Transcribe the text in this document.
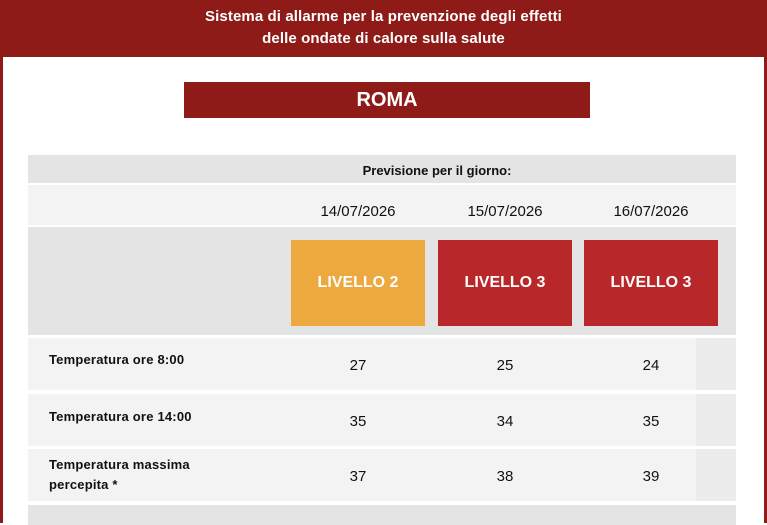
Sistema di allarme per la prevenzione degli effetti
delle ondate di calore sulla salute
ROMA
Previsione per il giorno:
14/07/2026	15/07/2026	16/07/2026
LIVELLO 2	LIVELLO 3	LIVELLO 3
Temperatura ore 8:00	27	25	24
Temperatura ore 14:00	35	34	35
Temperatura massima
percepita *	37	38	39
